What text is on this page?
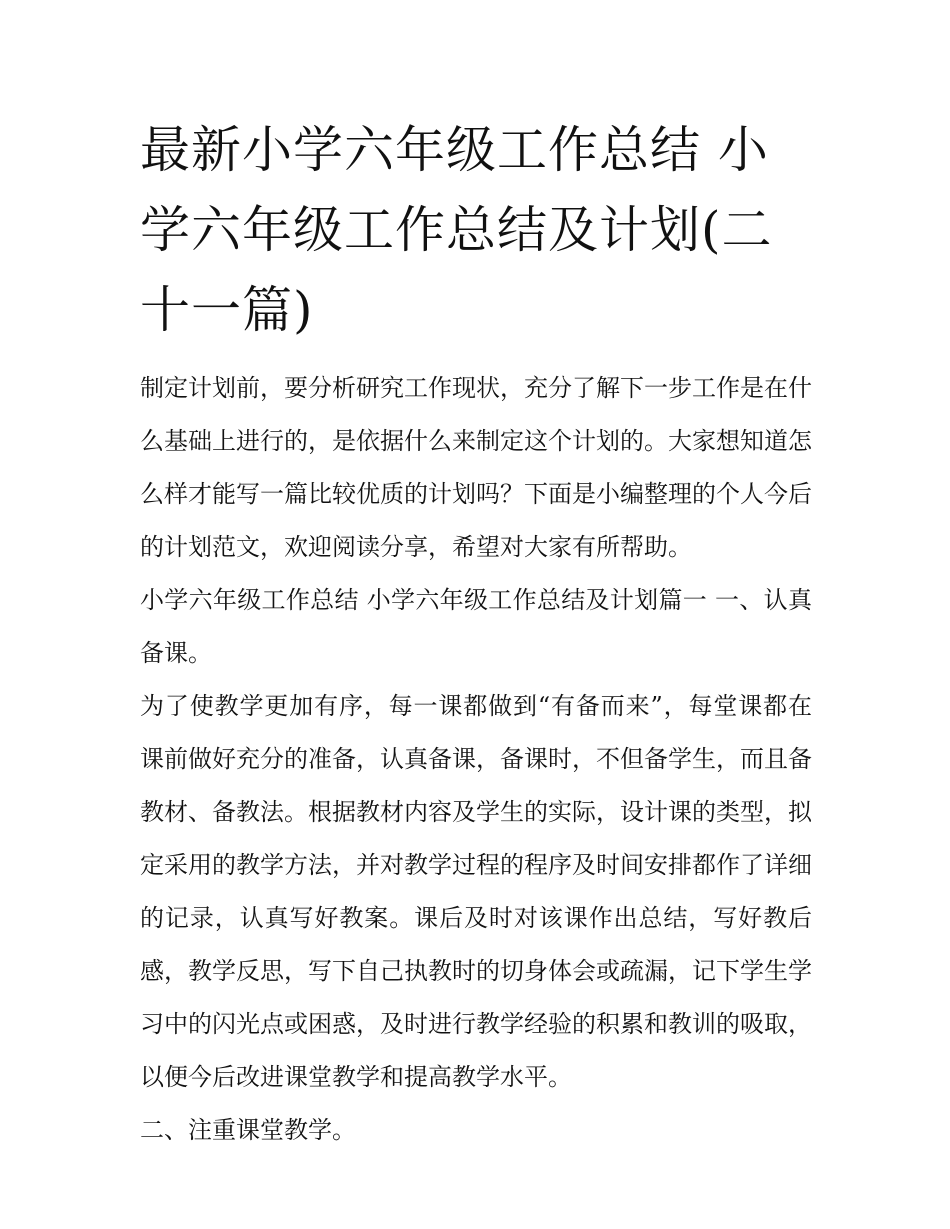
最新小学六年级工作总结 小学六年级工作总结及计划(二十一篇)

制定计划前，要分析研究工作现状，充分了解下一步工作是在什么基础上进行的，是依据什么来制定这个计划的。大家想知道怎么样才能写一篇比较优质的计划吗？下面是小编整理的个人今后的计划范文，欢迎阅读分享，希望对大家有所帮助。

小学六年级工作总结 小学六年级工作总结及计划篇一 一、认真备课。

为了使教学更加有序，每一课都做到“有备而来”，每堂课都在课前做好充分的准备，认真备课，备课时，不但备学生，而且备教材、备教法。根据教材内容及学生的实际，设计课的类型，拟定采用的教学方法，并对教学过程的程序及时间安排都作了详细的记录，认真写好教案。课后及时对该课作出总结，写好教后感，教学反思，写下自己执教时的切身体会或疏漏，记下学生学习中的闪光点或困惑，及时进行教学经验的积累和教训的吸取，以便今后改进课堂教学和提高教学水平。

二、注重课堂教学。
